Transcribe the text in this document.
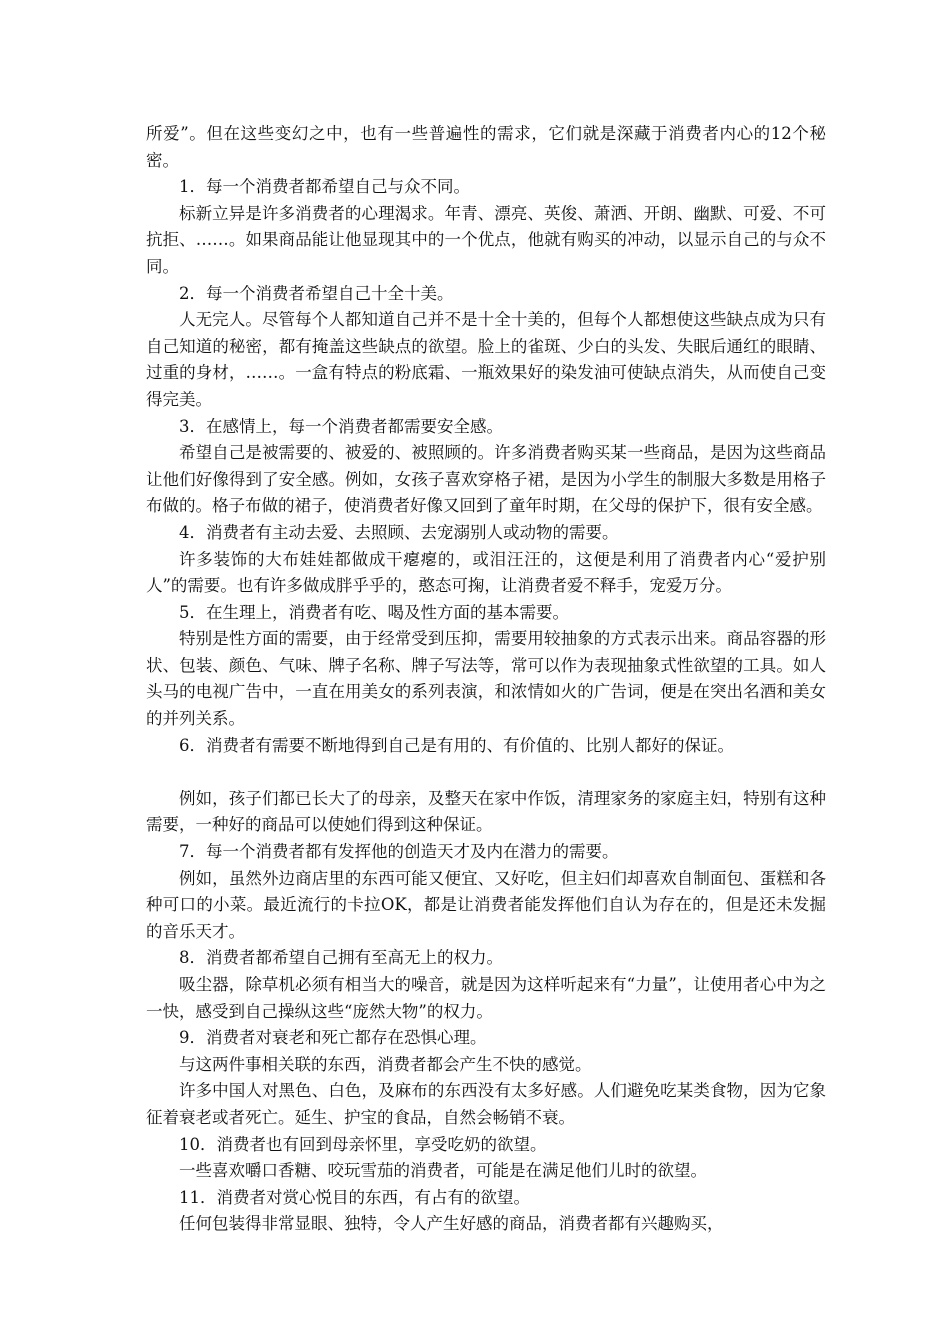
所爱”。但在这些变幻之中，也有一些普遍性的需求，它们就是深藏于消费者内心的12个秘密。

1．每一个消费者都希望自己与众不同。

标新立异是许多消费者的心理渴求。年青、漂亮、英俊、萧洒、开朗、幽默、可爱、不可抗拒、……。如果商品能让他显现其中的一个优点，他就有购买的冲动，以显示自己的与众不同。

2．每一个消费者希望自己十全十美。

人无完人。尽管每个人都知道自己并不是十全十美的，但每个人都想使这些缺点成为只有自己知道的秘密，都有掩盖这些缺点的欲望。脸上的雀斑、少白的头发、失眠后通红的眼睛、过重的身材，……。一盒有特点的粉底霜、一瓶效果好的染发油可使缺点消失，从而使自己变得完美。

3．在感情上，每一个消费者都需要安全感。

希望自己是被需要的、被爱的、被照顾的。许多消费者购买某一些商品，是因为这些商品让他们好像得到了安全感。例如，女孩子喜欢穿格子裙，是因为小学生的制服大多数是用格子布做的。格子布做的裙子，使消费者好像又回到了童年时期，在父母的保护下，很有安全感。

4．消费者有主动去爱、去照顾、去宠溺别人或动物的需要。

许多装饰的大布娃娃都做成干瘪瘪的，或泪汪汪的，这便是利用了消费者内心“爱护别人”的需要。也有许多做成胖乎乎的，憨态可掬，让消费者爱不释手，宠爱万分。

5．在生理上，消费者有吃、喝及性方面的基本需要。

特别是性方面的需要，由于经常受到压抑，需要用较抽象的方式表示出来。商品容器的形状、包装、颜色、气味、牌子名称、牌子写法等，常可以作为表现抽象式性欲望的工具。如人头马的电视广告中，一直在用美女的系列表演，和浓情如火的广告词，便是在突出名酒和美女的并列关系。

6．消费者有需要不断地得到自己是有用的、有价值的、比别人都好的保证。

例如，孩子们都已长大了的母亲，及整天在家中作饭，清理家务的家庭主妇，特别有这种需要，一种好的商品可以使她们得到这种保证。

7．每一个消费者都有发挥他的创造天才及内在潜力的需要。

例如，虽然外边商店里的东西可能又便宜、又好吃，但主妇们却喜欢自制面包、蛋糕和各种可口的小菜。最近流行的卡拉OK，都是让消费者能发挥他们自认为存在的，但是还未发掘的音乐天才。

8．消费者都希望自己拥有至高无上的权力。

吸尘器，除草机必须有相当大的噪音，就是因为这样听起来有“力量”，让使用者心中为之一快，感受到自己操纵这些“庞然大物”的权力。

9．消费者对衰老和死亡都存在恐惧心理。

与这两件事相关联的东西，消费者都会产生不快的感觉。

许多中国人对黑色、白色，及麻布的东西没有太多好感。人们避免吃某类食物，因为它象征着衰老或者死亡。延生、护宝的食品，自然会畅销不衰。

10．消费者也有回到母亲怀里，享受吃奶的欲望。

一些喜欢嚼口香糖、咬玩雪茄的消费者，可能是在满足他们儿时的欲望。

11．消费者对赏心悦目的东西，有占有的欲望。

任何包装得非常显眼、独特，令人产生好感的商品，消费者都有兴趣购买，
